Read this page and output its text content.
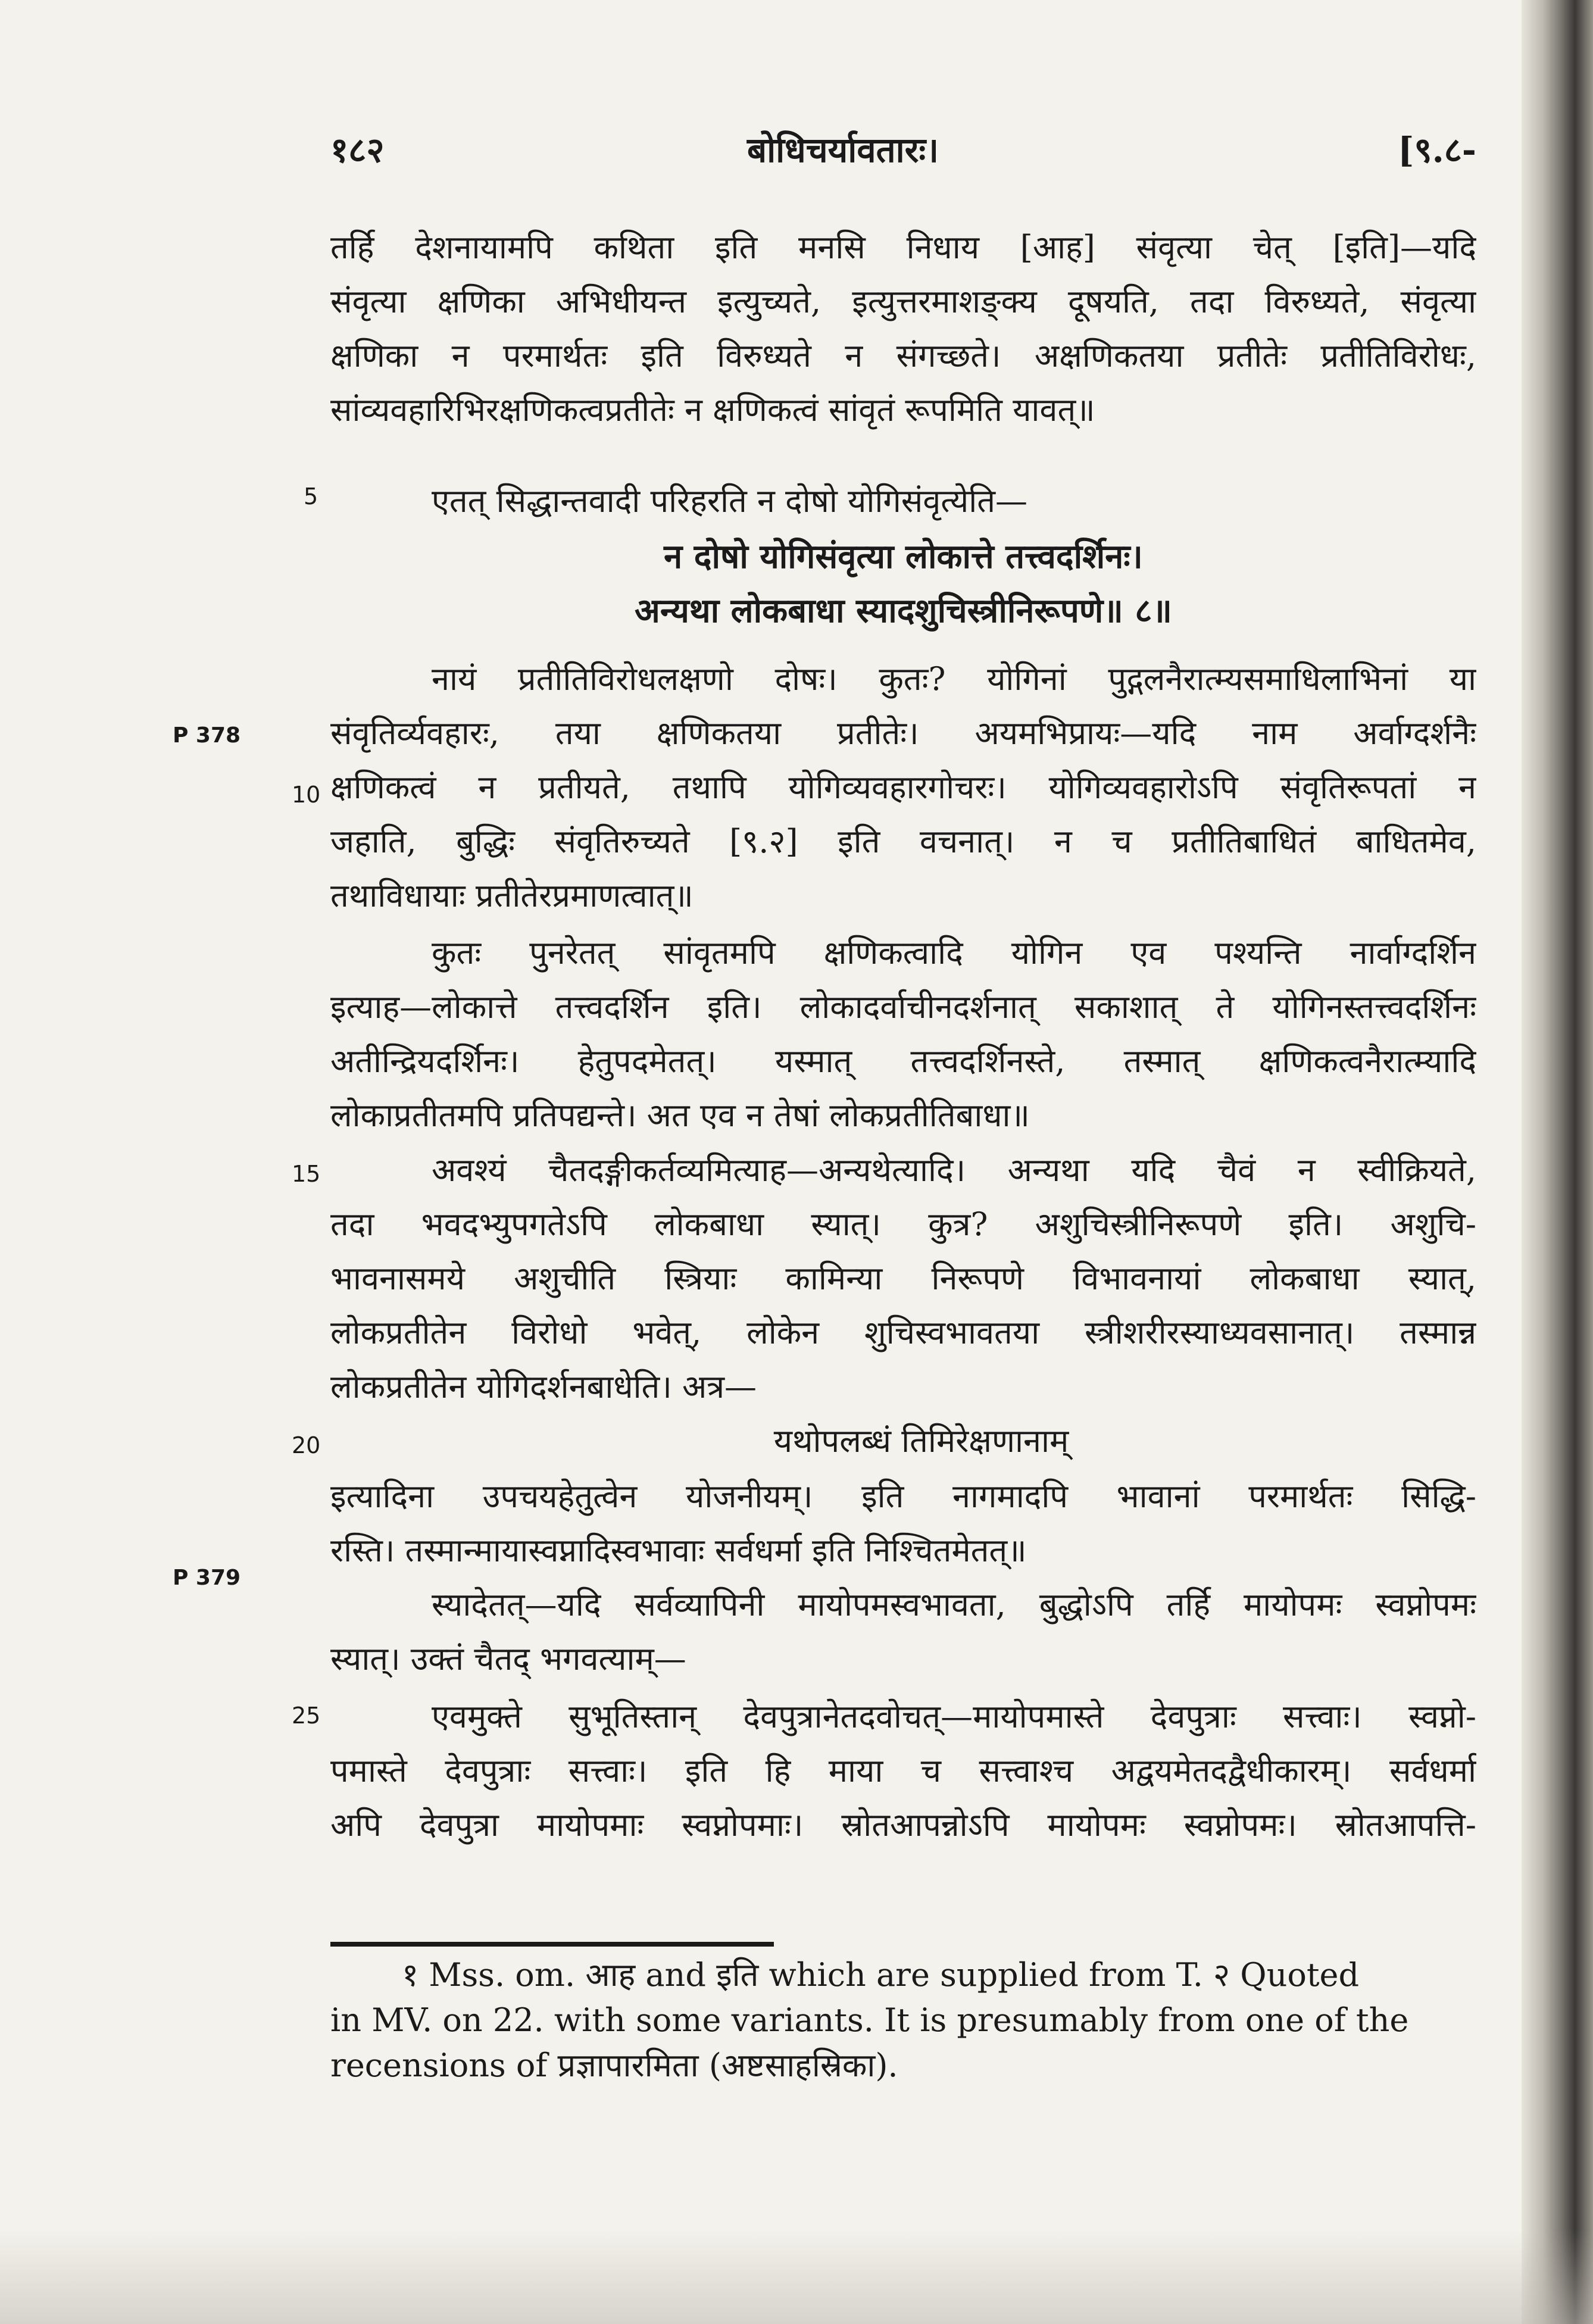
१८२	बोधिचर्यावतारः।	[९.८-
5
10
15
20
25
P 378
P 379
तर्हि देशनायामपि कथिता इति मनसि निधाय [आह] संवृत्या चेत् [इति]—यदि
संवृत्या क्षणिका अभिधीयन्त इत्युच्यते, इत्युत्तरमाशङ्क्य दूषयति, तदा विरुध्यते, संवृत्या
क्षणिका न परमार्थतः इति विरुध्यते न संगच्छते। अक्षणिकतया प्रतीतेः प्रतीतिविरोधः,
सांव्यवहारिभिरक्षणिकत्वप्रतीतेः न क्षणिकत्वं सांवृतं रूपमिति यावत्॥
एतत् सिद्धान्तवादी परिहरति न दोषो योगिसंवृत्येति—
न दोषो योगिसंवृत्या लोकात्ते तत्त्वदर्शिनः।
अन्यथा लोकबाधा स्यादशुचिस्त्रीनिरूपणे॥ ८॥
नायं प्रतीतिविरोधलक्षणो दोषः। कुतः? योगिनां पुद्गलनैरात्म्यसमाधिलाभिनां या
संवृतिर्व्यवहारः, तया क्षणिकतया प्रतीतेः। अयमभिप्रायः—यदि नाम अर्वाग्दर्शनैः
क्षणिकत्वं न प्रतीयते, तथापि योगिव्यवहारगोचरः। योगिव्यवहारोऽपि संवृतिरूपतां न
जहाति, बुद्धिः संवृतिरुच्यते [९.२] इति वचनात्। न च प्रतीतिबाधितं बाधितमेव,
तथाविधायाः प्रतीतेरप्रमाणत्वात्॥
कुतः पुनरेतत् सांवृतमपि क्षणिकत्वादि योगिन एव पश्यन्ति नार्वाग्दर्शिन
इत्याह—लोकात्ते तत्त्वदर्शिन इति। लोकादर्वाचीनदर्शनात् सकाशात् ते योगिनस्तत्त्वदर्शिनः
अतीन्द्रियदर्शिनः। हेतुपदमेतत्। यस्मात् तत्त्वदर्शिनस्ते, तस्मात् क्षणिकत्वनैरात्म्यादि
लोकाप्रतीतमपि प्रतिपद्यन्ते। अत एव न तेषां लोकप्रतीतिबाधा॥
अवश्यं चैतदङ्गीकर्तव्यमित्याह—अन्यथेत्यादि। अन्यथा यदि चैवं न स्वीक्रियते,
तदा भवदभ्युपगतेऽपि लोकबाधा स्यात्। कुत्र? अशुचिस्त्रीनिरूपणे इति। अशुचि-
भावनासमये अशुचीति स्त्रियाः कामिन्या निरूपणे विभावनायां लोकबाधा स्यात्,
लोकप्रतीतेन विरोधो भवेत्, लोकेन शुचिस्वभावतया स्त्रीशरीरस्याध्यवसानात्। तस्मान्न
लोकप्रतीतेन योगिदर्शनबाधेति। अत्र—
यथोपलब्धं तिमिरेक्षणानाम्
इत्यादिना उपचयहेतुत्वेन योजनीयम्। इति नागमादपि भावानां परमार्थतः सिद्धि-
रस्ति। तस्मान्मायास्वप्नादिस्वभावाः सर्वधर्मा इति निश्चितमेतत्॥
स्यादेतत्—यदि सर्वव्यापिनी मायोपमस्वभावता, बुद्धोऽपि तर्हि मायोपमः स्वप्नोपमः
स्यात्। उक्तं चैतद् भगवत्याम्—
एवमुक्ते सुभूतिस्तान् देवपुत्रानेतदवोचत्—मायोपमास्ते देवपुत्राः सत्त्वाः। स्वप्नो-
पमास्ते देवपुत्राः सत्त्वाः। इति हि माया च सत्त्वाश्च अद्वयमेतदद्वैधीकारम्। सर्वधर्मा
अपि देवपुत्रा मायोपमाः स्वप्नोपमाः। स्रोतआपन्नोऽपि मायोपमः स्वप्नोपमः। स्रोतआपत्ति-
१ Mss. om. आह and इति which are supplied from T. २ Quoted
in MV. on 22. with some variants. It is presumably from one of the
recensions of प्रज्ञापारमिता (अष्टसाहस्रिका).
